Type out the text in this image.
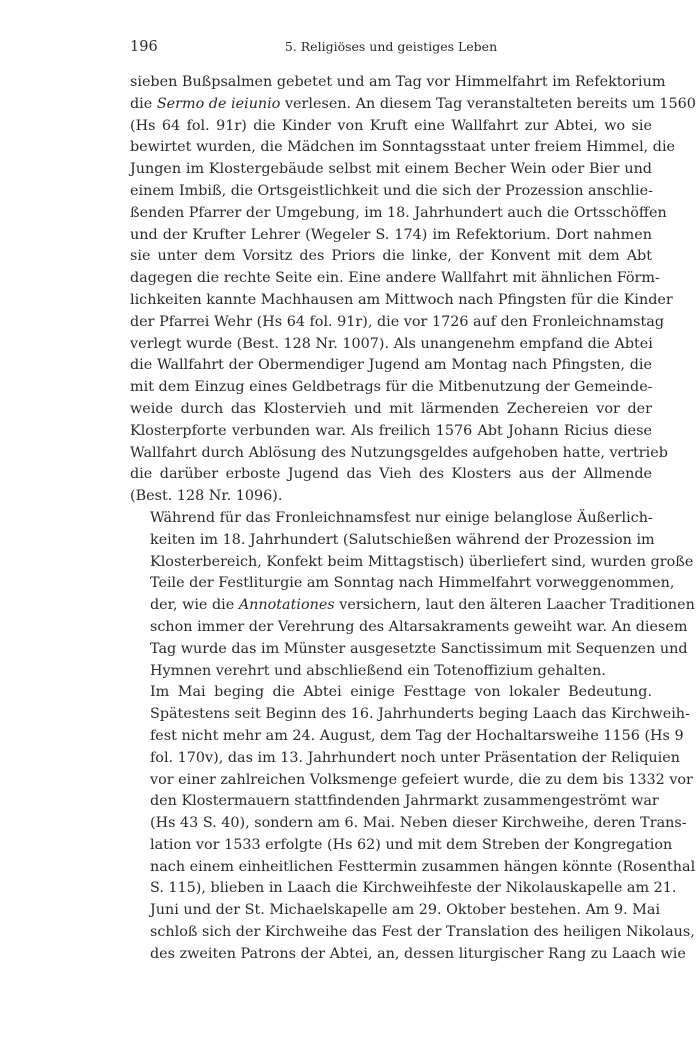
196	5. Religiöses und geistiges Leben

sieben Bußpsalmen gebetet und am Tag vor Himmelfahrt im Refektorium
die Sermo de ieiunio verlesen. An diesem Tag veranstalteten bereits um 1560
(Hs 64 fol. 91r) die Kinder von Kruft eine Wallfahrt zur Abtei, wo sie
bewirtet wurden, die Mädchen im Sonntagsstaat unter freiem Himmel, die
Jungen im Klostergebäude selbst mit einem Becher Wein oder Bier und
einem Imbiß, die Ortsgeistlichkeit und die sich der Prozession anschlie-
ßenden Pfarrer der Umgebung, im 18. Jahrhundert auch die Ortsschöffen
und der Krufter Lehrer (Wegeler S. 174) im Refektorium. Dort nahmen
sie unter dem Vorsitz des Priors die linke, der Konvent mit dem Abt
dagegen die rechte Seite ein. Eine andere Wallfahrt mit ähnlichen Förm-
lichkeiten kannte Machhausen am Mittwoch nach Pfingsten für die Kinder
der Pfarrei Wehr (Hs 64 fol. 91r), die vor 1726 auf den Fronleichnamstag
verlegt wurde (Best. 128 Nr. 1007). Als unangenehm empfand die Abtei
die Wallfahrt der Obermendiger Jugend am Montag nach Pfingsten, die
mit dem Einzug eines Geldbetrags für die Mitbenutzung der Gemeinde-
weide durch das Klostervieh und mit lärmenden Zechereien vor der
Klosterpforte verbunden war. Als freilich 1576 Abt Johann Ricius diese
Wallfahrt durch Ablösung des Nutzungsgeldes aufgehoben hatte, vertrieb
die darüber erboste Jugend das Vieh des Klosters aus der Allmende
(Best. 128 Nr. 1096).

Während für das Fronleichnamsfest nur einige belanglose Äußerlich-
keiten im 18. Jahrhundert (Salutschießen während der Prozession im
Klosterbereich, Konfekt beim Mittagstisch) überliefert sind, wurden große
Teile der Festliturgie am Sonntag nach Himmelfahrt vorweggenommen,
der, wie die Annotationes versichern, laut den älteren Laacher Traditionen
schon immer der Verehrung des Altarsakraments geweiht war. An diesem
Tag wurde das im Münster ausgesetzte Sanctissimum mit Sequenzen und
Hymnen verehrt und abschließend ein Totenoffizium gehalten.

Im Mai beging die Abtei einige Festtage von lokaler Bedeutung.
Spätestens seit Beginn des 16. Jahrhunderts beging Laach das Kirchweih-
fest nicht mehr am 24. August, dem Tag der Hochaltarsweihe 1156 (Hs 9
fol. 170v), das im 13. Jahrhundert noch unter Präsentation der Reliquien
vor einer zahlreichen Volksmenge gefeiert wurde, die zu dem bis 1332 vor
den Klostermauern stattfindenden Jahrmarkt zusammengeströmt war
(Hs 43 S. 40), sondern am 6. Mai. Neben dieser Kirchweihe, deren Trans-
lation vor 1533 erfolgte (Hs 62) und mit dem Streben der Kongregation
nach einem einheitlichen Festtermin zusammen hängen könnte (Rosenthal
S. 115), blieben in Laach die Kirchweihfeste der Nikolauskapelle am 21.
Juni und der St. Michaelskapelle am 29. Oktober bestehen. Am 9. Mai
schloß sich der Kirchweihe das Fest der Translation des heiligen Nikolaus,
des zweiten Patrons der Abtei, an, dessen liturgischer Rang zu Laach wie
